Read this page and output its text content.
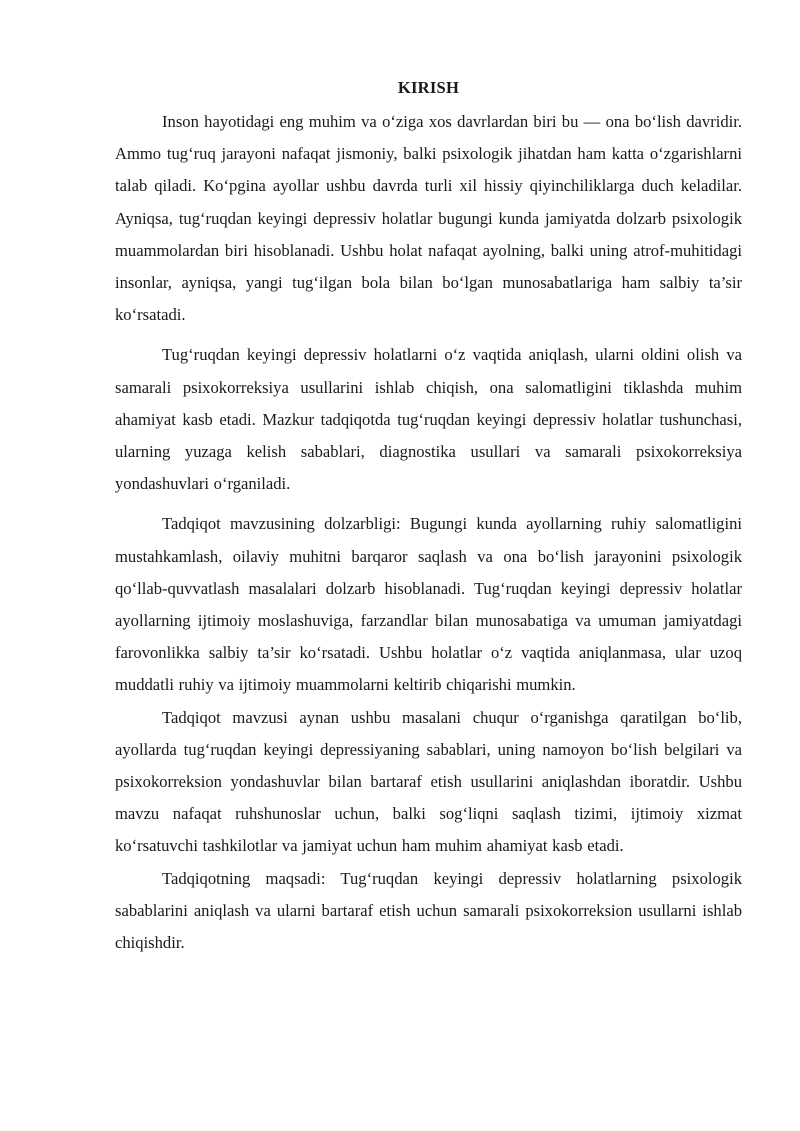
KIRISH

Inson hayotidagi eng muhim va o‘ziga xos davrlardan biri bu — ona bo‘lish davridir. Ammo tug‘ruq jarayoni nafaqat jismoniy, balki psixologik jihatdan ham katta o‘zgarishlarni talab qiladi. Ko‘pgina ayollar ushbu davrda turli xil hissiy qiyinchiliklarga duch keladilar. Ayniqsa, tug‘ruqdan keyingi depressiv holatlar bugungi kunda jamiyatda dolzarb psixologik muammolardan biri hisoblanadi. Ushbu holat nafaqat ayolning, balki uning atrof-muhitidagi insonlar, ayniqsa, yangi tug‘ilgan bola bilan bo‘lgan munosabatlariga ham salbiy ta’sir ko‘rsatadi.

Tug‘ruqdan keyingi depressiv holatlarni o‘z vaqtida aniqlash, ularni oldini olish va samarali psixokorreksiya usullarini ishlab chiqish, ona salomatligini tiklashda muhim ahamiyat kasb etadi. Mazkur tadqiqotda tug‘ruqdan keyingi depressiv holatlar tushunchasi, ularning yuzaga kelish sabablari, diagnostika usullari va samarali psixokorreksiya yondashuvlari o‘rganiladi.

Tadqiqot mavzusining dolzarbligi: Bugungi kunda ayollarning ruhiy salomatligini mustahkamlash, oilaviy muhitni barqaror saqlash va ona bo‘lish jarayonini psixologik qo‘llab-quvvatlash masalalari dolzarb hisoblanadi. Tug‘ruqdan keyingi depressiv holatlar ayollarning ijtimoiy moslashuviga, farzandlar bilan munosabatiga va umuman jamiyatdagi farovonlikka salbiy ta’sir ko‘rsatadi. Ushbu holatlar o‘z vaqtida aniqlanmasa, ular uzoq muddatli ruhiy va ijtimoiy muammolarni keltirib chiqarishi mumkin.

Tadqiqot mavzusi aynan ushbu masalani chuqur o‘rganishga qaratilgan bo‘lib, ayollarda tug‘ruqdan keyingi depressiyaning sabablari, uning namoyon bo‘lish belgilari va psixokorreksion yondashuvlar bilan bartaraf etish usullarini aniqlashdan iboratdir. Ushbu mavzu nafaqat ruhshunoslar uchun, balki sog‘liqni saqlash tizimi, ijtimoiy xizmat ko‘rsatuvchi tashkilotlar va jamiyat uchun ham muhim ahamiyat kasb etadi.

Tadqiqotning maqsadi: Tug‘ruqdan keyingi depressiv holatlarning psixologik sabablarini aniqlash va ularni bartaraf etish uchun samarali psixokorreksion usullarni ishlab chiqishdir.
